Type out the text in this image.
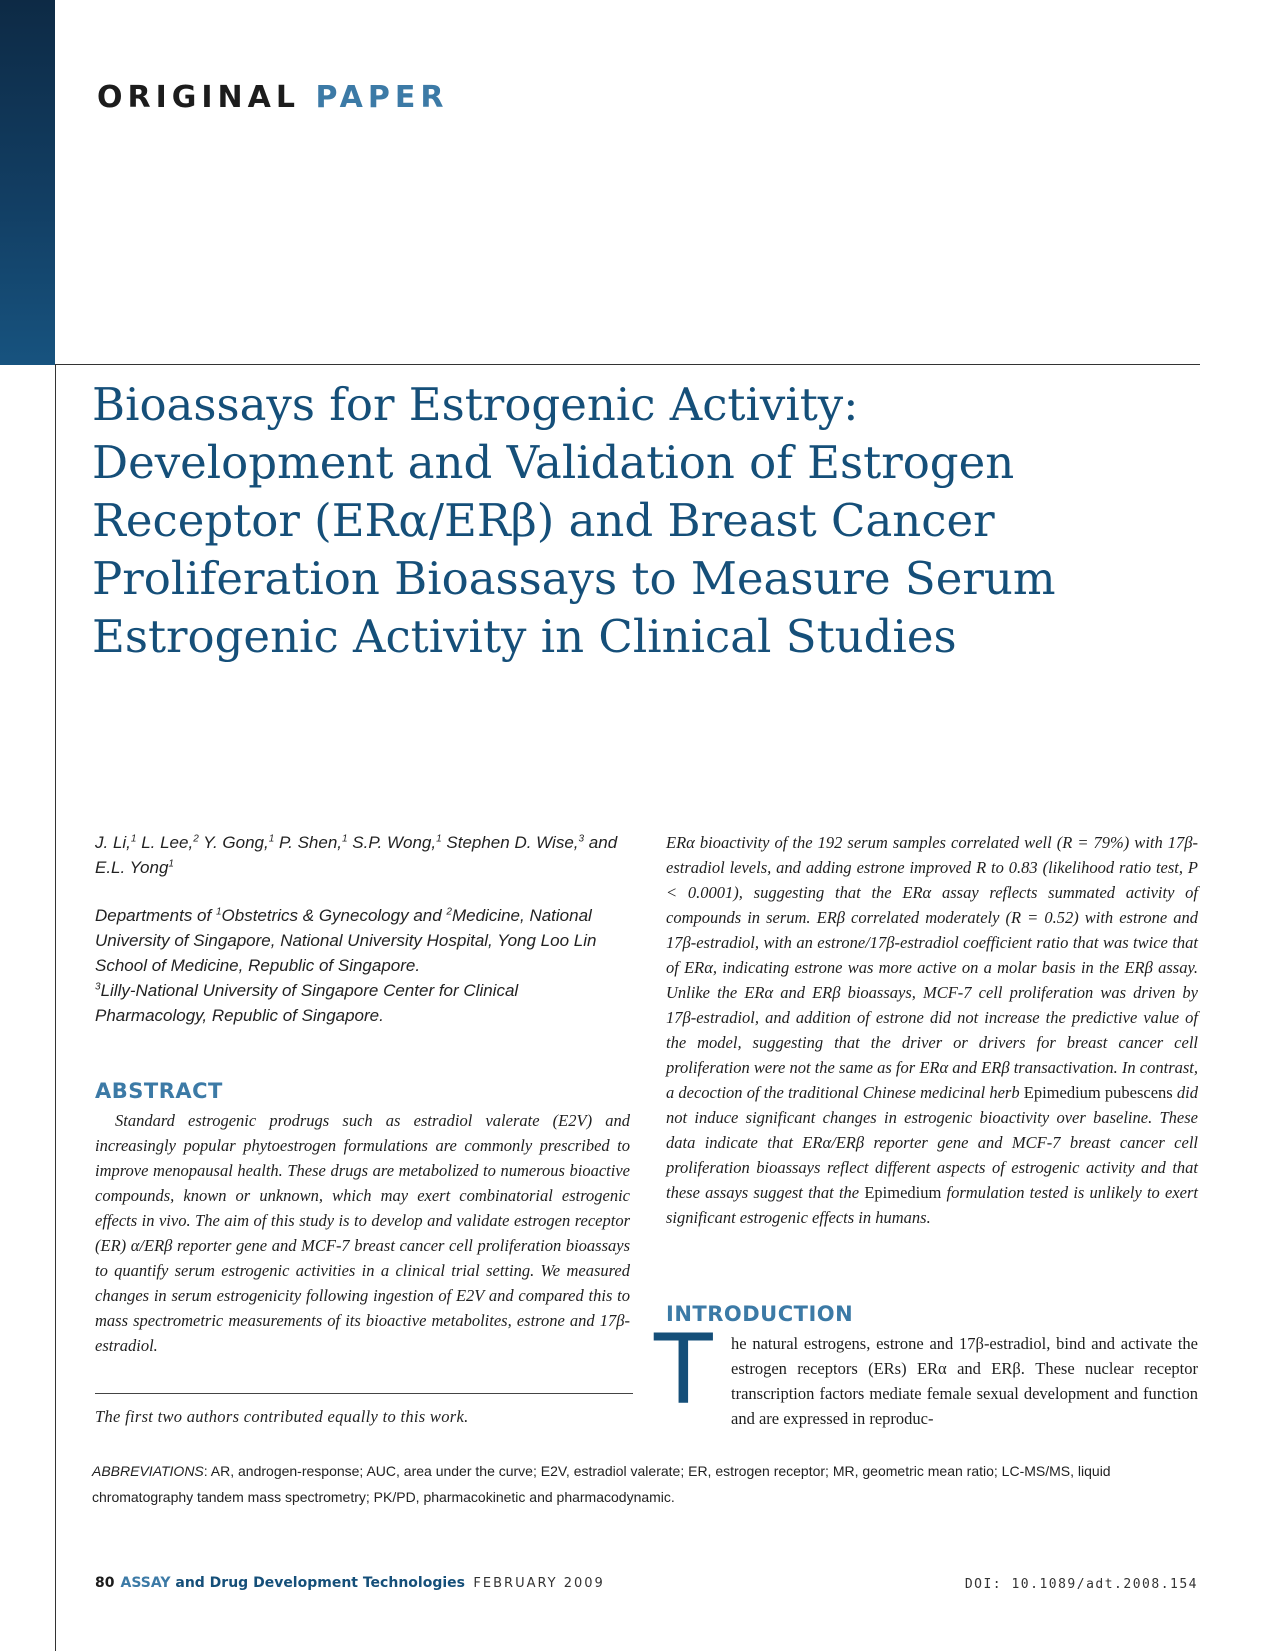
ORIGINAL PAPER
Bioassays for Estrogenic Activity:
Development and Validation of Estrogen
Receptor (ERα/ERβ) and Breast Cancer
Proliferation Bioassays to Measure Serum
Estrogenic Activity in Clinical Studies

J. Li,$^1$ L. Lee,$^2$ Y. Gong,$^1$ P. Shen,$^1$ S.P. Wong,$^1$ Stephen D. Wise,$^3$ and E.L. Yong$^1$

Departments of $^1$Obstetrics & Gynecology and $^2$Medicine, National University of Singapore, National University Hospital, Yong Loo Lin School of Medicine, Republic of Singapore.

$^3$Lilly-National University of Singapore Center for Clinical Pharmacology, Republic of Singapore.

ABSTRACT

Standard estrogenic prodrugs such as estradiol valerate (E2V) and increasingly popular phytoestrogen formulations are commonly prescribed to improve menopausal health. These drugs are metabolized to numerous bioactive compounds, known or unknown, which may exert combinatorial estrogenic effects in vivo. The aim of this study is to develop and validate estrogen receptor (ER) α/ERβ reporter gene and MCF-7 breast cancer cell proliferation bioassays to quantify serum estrogenic activities in a clinical trial setting. We measured changes in serum estrogenicity following ingestion of E2V and compared this to mass spectrometric measurements of its bioactive metabolites, estrone and 17β-estradiol.

The first two authors contributed equally to this work.

ERα bioactivity of the 192 serum samples correlated well (R = 79%) with 17β-estradiol levels, and adding estrone improved R to 0.83 (likelihood ratio test, P < 0.0001), suggesting that the ERα assay reflects summated activity of compounds in serum. ERβ correlated moderately (R = 0.52) with estrone and 17β-estradiol, with an estrone/17β-estradiol coefficient ratio that was twice that of ERα, indicating estrone was more active on a molar basis in the ERβ assay. Unlike the ERα and ERβ bioassays, MCF-7 cell proliferation was driven by 17β-estradiol, and addition of estrone did not increase the predictive value of the model, suggesting that the driver or drivers for breast cancer cell proliferation were not the same as for ERα and ERβ transactivation. In contrast, a decoction of the traditional Chinese medicinal herb Epimedium pubescens did not induce significant changes in estrogenic bioactivity over baseline. These data indicate that ERα/ERβ reporter gene and MCF-7 breast cancer cell proliferation bioassays reflect different aspects of estrogenic activity and that these assays suggest that the Epimedium formulation tested is unlikely to exert significant estrogenic effects in humans.

INTRODUCTION
T he natural estrogens, estrone and 17β-estradiol, bind and activate the estrogen receptors (ERs) ERα and ERβ. These nuclear receptor transcription factors mediate female sexual development and function and are expressed in reproduc-

ABBREVIATIONS: AR, androgen-response; AUC, area under the curve; E2V, estradiol valerate; ER, estrogen receptor; MR, geometric mean ratio; LC-MS/MS, liquid chromatography tandem mass spectrometry; PK/PD, pharmacokinetic and pharmacodynamic.

80 ASSAY and Drug Development Technologies FEBRUARY 2009	DOI: 10.1089/adt.2008.154
